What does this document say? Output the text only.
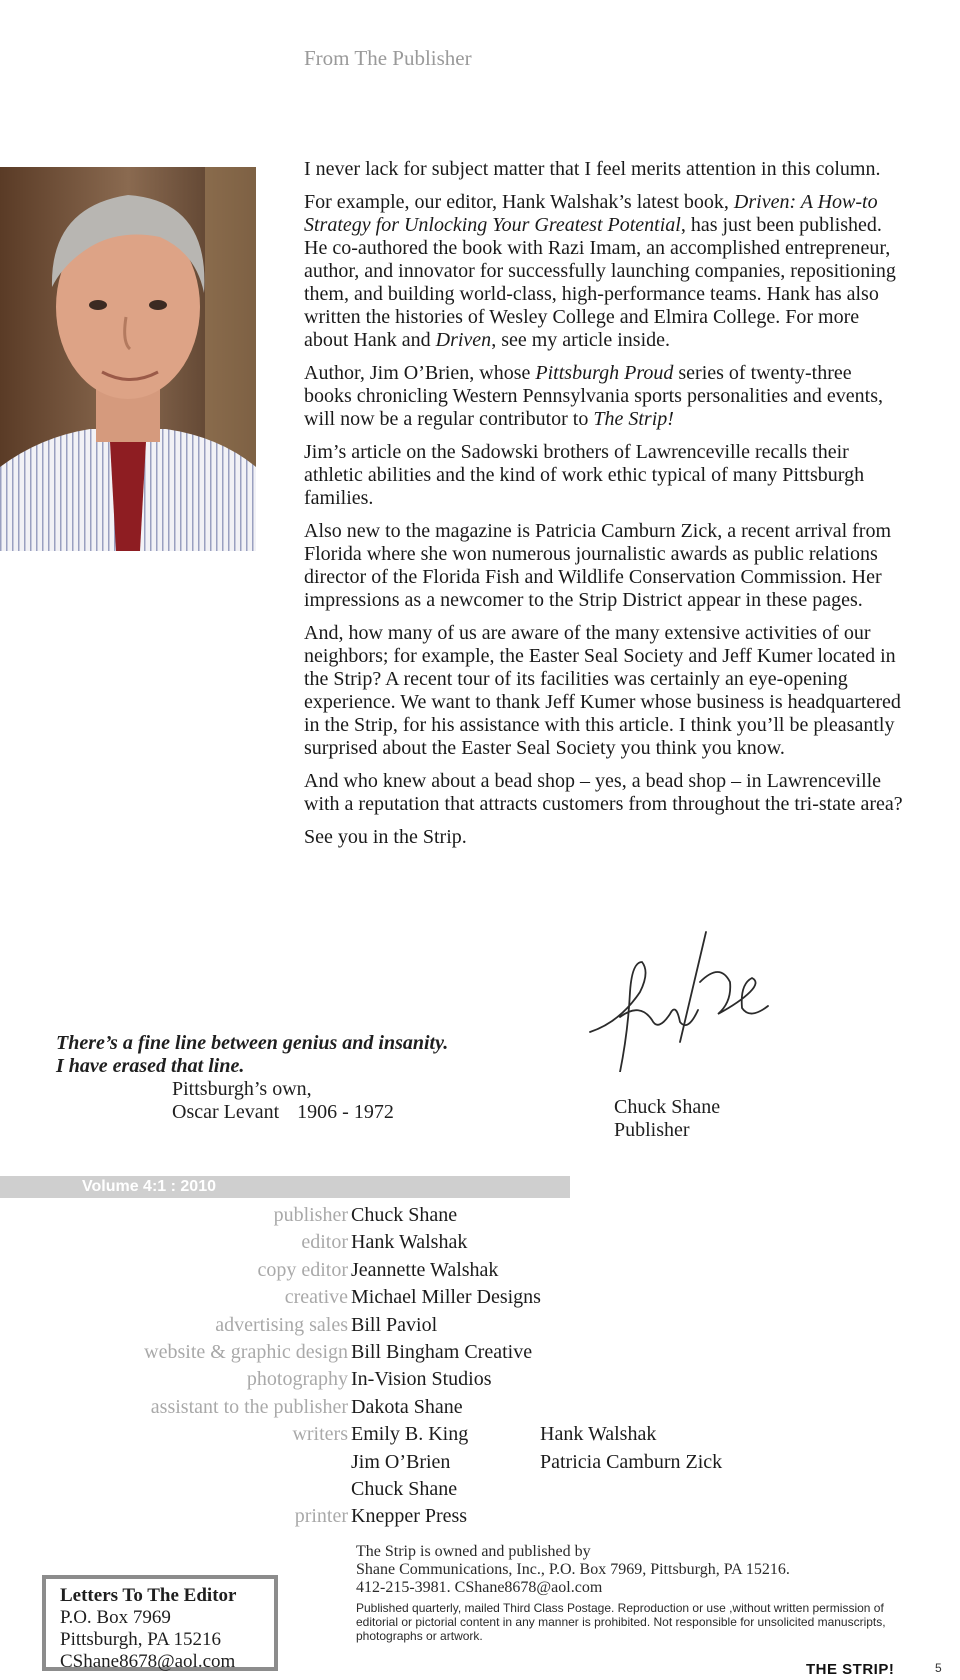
From The Publisher

I never lack for subject matter that I feel merits attention in this column.

For example, our editor, Hank Walshak’s latest book, Driven: A How-to Strategy for Unlocking Your Greatest Potential, has just been published. He co-authored the book with Razi Imam, an accomplished entrepreneur, author, and innovator for successfully launching companies, repositioning them, and building world-class, high-performance teams. Hank has also written the histories of Wesley College and Elmira College. For more about Hank and Driven, see my article inside.

Author, Jim O’Brien, whose Pittsburgh Proud series of twenty-three books chronicling Western Pennsylvania sports personalities and events, will now be a regular contributor to The Strip!

Jim’s article on the Sadowski brothers of Lawrenceville recalls their athletic abilities and the kind of work ethic typical of many Pittsburgh families.

Also new to the magazine is Patricia Camburn Zick, a recent arrival from Florida where she won numerous journalistic awards as public relations director of the Florida Fish and Wildlife Conservation Commission. Her impressions as a newcomer to the Strip District appear in these pages.

And, how many of us are aware of the many extensive activities of our neighbors; for example, the Easter Seal Society and Jeff Kumer located in the Strip? A recent tour of its facilities was certainly an eye-opening experience. We want to thank Jeff Kumer whose business is headquartered in the Strip, for his assistance with this article. I think you’ll be pleasantly surprised about the Easter Seal Society you think you know.

And who knew about a bead shop – yes, a bead shop – in Lawrenceville with a reputation that attracts customers from throughout the tri-state area?

See you in the Strip.

There’s a fine line between genius and insanity.
I have erased that line.
Pittsburgh’s own,
Oscar Levant 1906 - 1972	Chuck Shane
Publisher
Volume 4:1 : 2010
publisher Chuck Shane
editor Hank Walshak
copy editor Jeannette Walshak
creative Michael Miller Designs
advertising sales Bill Paviol
website & graphic design Bill Bingham Creative
photography In-Vision Studios
assistant to the publisher Dakota Shane
writers Emily B. King	Hank Walshak
Jim O’Brien	Patricia Camburn Zick
Chuck Shane
printer Knepper Press
The Strip is owned and published by
Shane Communications, Inc., P.O. Box 7969, Pittsburgh, PA 15216.
412-215-3981. CShane8678@aol.com
Published quarterly, mailed Third Class Postage. Reproduction or use ,without written permission of editorial or pictorial content in any manner is prohibited. Not responsible for unsolicited manuscripts, photographs or artwork.
Letters To The Editor
P.O. Box 7969
Pittsburgh, PA 15216
CShane8678@aol.com	THE STRIP!	5
